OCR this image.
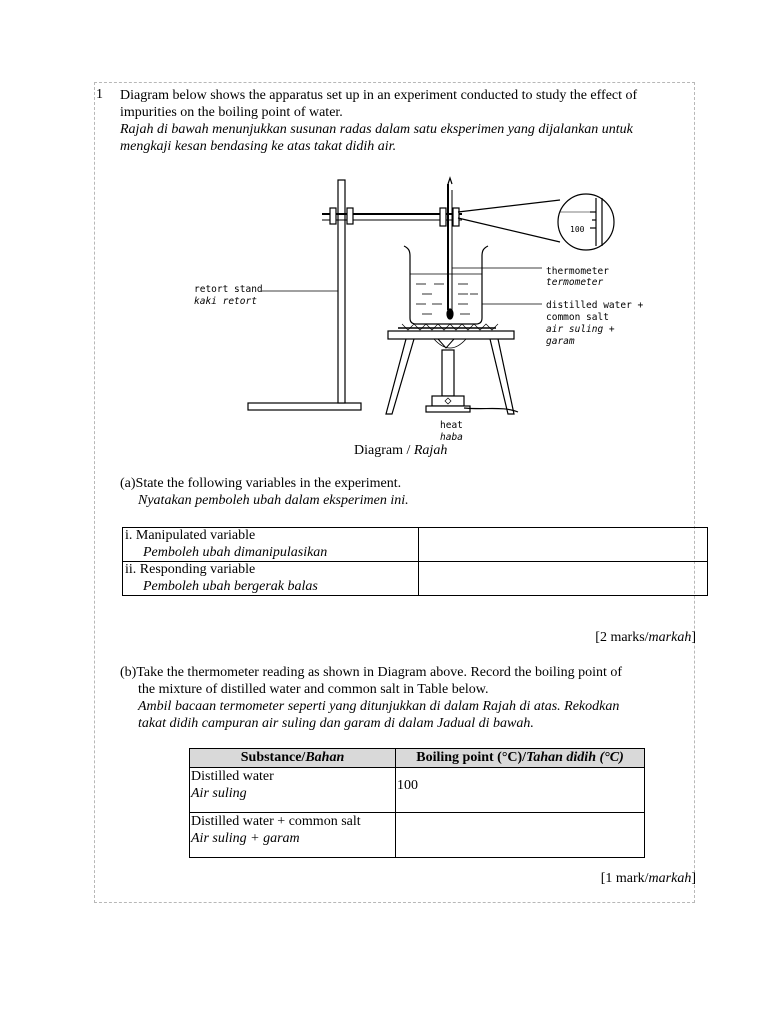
1 Diagram below shows the apparatus set up in an experiment conducted to study the effect of
impurities on the boiling point of water.
Rajah di bawah menunjukkan susunan radas dalam satu eksperimen yang dijalankan untuk
mengkaji kesan bendasing ke atas takat didih air.
retort stand
kaki retort
thermometer
termometer
distilled water +
common salt
air suling +
garam
heat
haba
100
Diagram / Rajah
(a)State the following variables in the experiment.
Nyatakan pemboleh ubah dalam eksperimen ini.
i. Manipulated variable
Pemboleh ubah dimanipulasikan	

ii. Responding variable
Pemboleh ubah bergerak balas	

[2 marks/markah]
(b)Take the thermometer reading as shown in Diagram above. Record the boiling point of
the mixture of distilled water and common salt in Table below.
Ambil bacaan termometer seperti yang ditunjukkan di dalam Rajah di atas. Rekodkan
takat didih campuran air suling dan garam di dalam Jadual di bawah.
Substance/Bahan	Boiling point (°C)/Tahan didih (°C)

Distilled water
Air suling	100

Distilled water + common salt
Air suling + garam	

[1 mark/markah]
